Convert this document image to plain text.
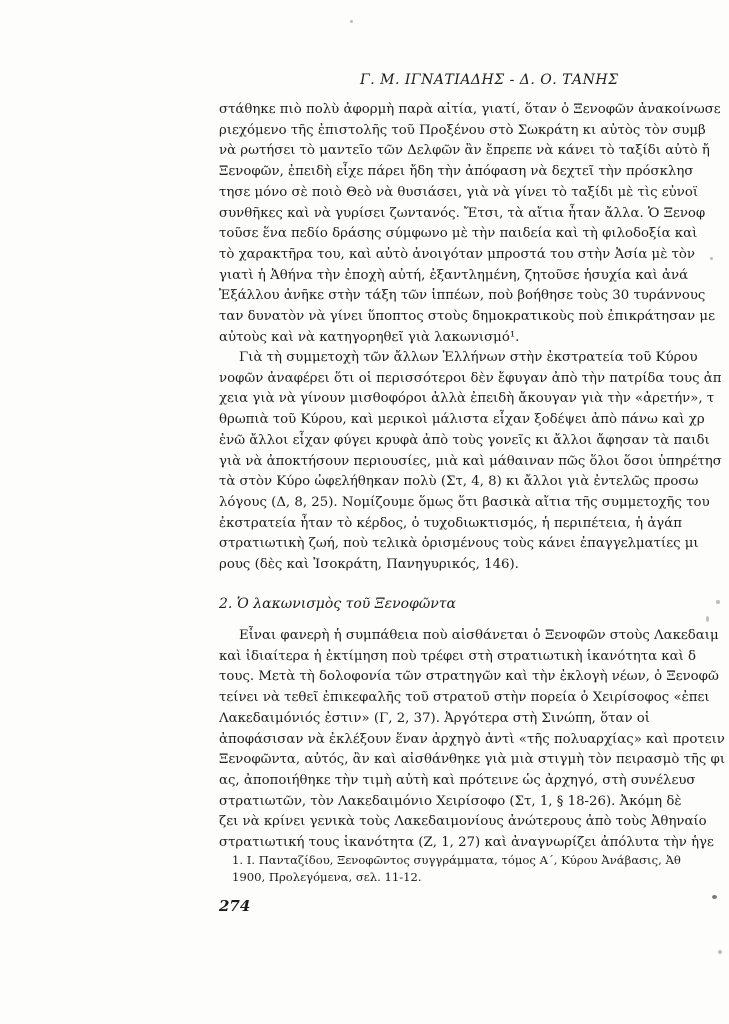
Γ. Μ. ΙΓΝΑΤΙΑΔΗΣ - Δ. Ο. ΤΑΝΗΣ
στάθηκε πιὸ πολὺ ἀφορμὴ παρὰ αἰτία, γιατί, ὅταν ὁ Ξενοφῶν ἀνακοίνωσε
ριεχόμενο τῆς ἐπιστολῆς τοῦ Προξένου στὸ Σωκράτη κι αὐτὸς τὸν συμβ
νὰ ρωτήσει τὸ μαντεῖο τῶν Δελφῶν ἂν ἔπρεπε νὰ κάνει τὸ ταξίδι αὐτὸ ἤ
Ξενοφῶν, ἐπειδὴ εἶχε πάρει ἤδη τὴν ἀπόφαση νὰ δεχτεῖ τὴν πρόσκλησ
τησε μόνο σὲ ποιὸ Θεὸ νὰ θυσιάσει, γιὰ νὰ γίνει τὸ ταξίδι μὲ τὶς εὐνοϊ
συνθῆκες καὶ νὰ γυρίσει ζωντανός. Ἔτσι, τὰ αἴτια ἦταν ἄλλα. Ὁ Ξενοφ
τοῦσε ἕνα πεδίο δράσης σύμφωνο μὲ τὴν παιδεία καὶ τὴ φιλοδοξία καὶ
τὸ χαρακτῆρα του, καὶ αὐτὸ ἀνοιγόταν μπροστά του στὴν Ἀσία μὲ τὸν
γιατὶ ἡ Ἀθήνα τὴν ἐποχὴ αὐτή, ἐξαντλημένη, ζητοῦσε ἡσυχία καὶ ἀνά
Ἐξάλλου ἀνῆκε στὴν τάξη τῶν ἱππέων, ποὺ βοήθησε τοὺς 30 τυράννους
ταν δυνατὸν νὰ γίνει ὕποπτος στοὺς δημοκρατικοὺς ποὺ ἐπικράτησαν με
αὐτοὺς καὶ νὰ κατηγορηθεῖ γιὰ λακωνισμό¹.
Γιὰ τὴ συμμετοχὴ τῶν ἄλλων Ἑλλήνων στὴν ἐκστρατεία τοῦ Κύρου
νοφῶν ἀναφέρει ὅτι οἱ περισσότεροι δὲν ἔφυγαν ἀπὸ τὴν πατρίδα τους ἀπ
χεια γιὰ νὰ γίνουν μισθοφόροι ἀλλὰ ἐπειδὴ ἄκουγαν γιὰ τὴν «ἀρετήν», τ
θρωπιὰ τοῦ Κύρου, καὶ μερικοὶ μάλιστα εἶχαν ξοδέψει ἀπὸ πάνω καὶ χρ
ἐνῶ ἄλλοι εἶχαν φύγει κρυφὰ ἀπὸ τοὺς γονεῖς κι ἄλλοι ἄφησαν τὰ παιδι
γιὰ νὰ ἀποκτήσουν περιουσίες, μιὰ καὶ μάθαιναν πῶς ὅλοι ὅσοι ὑπηρέτησ
τὰ στὸν Κύρο ὠφελήθηκαν πολὺ (Στ, 4, 8) κι ἄλλοι γιὰ ἐντελῶς προσω
λόγους (Δ, 8, 25). Νομίζουμε ὅμως ὅτι βασικὰ αἴτια τῆς συμμετοχῆς του
ἐκστρατεία ἦταν τὸ κέρδος, ὁ τυχοδιωκτισμός, ἡ περιπέτεια, ἡ ἀγάπ
στρατιωτικὴ ζωή, ποὺ τελικὰ ὁρισμένους τοὺς κάνει ἐπαγγελματίες μι
ρους (δὲς καὶ Ἰσοκράτη, Πανηγυρικός, 146).
2. Ὁ λακωνισμὸς τοῦ Ξενοφῶντα
Εἶναι φανερὴ ἡ συμπάθεια ποὺ αἰσθάνεται ὁ Ξενοφῶν στοὺς Λακεδαιμ
καὶ ἰδιαίτερα ἡ ἐκτίμηση ποὺ τρέφει στὴ στρατιωτικὴ ἱκανότητα καὶ δ
τους. Μετὰ τὴ δολοφονία τῶν στρατηγῶν καὶ τὴν ἐκλογὴ νέων, ὁ Ξενοφῶ
τείνει νὰ τεθεῖ ἐπικεφαλῆς τοῦ στρατοῦ στὴν πορεία ὁ Χειρίσοφος «ἐπει
Λακεδαιμόνιός ἐστιν» (Γ, 2, 37). Ἀργότερα στὴ Σινώπη, ὅταν οἱ
ἀποφάσισαν νὰ ἐκλέξουν ἕναν ἀρχηγὸ ἀντὶ «τῆς πολυαρχίας» καὶ προτειν
Ξενοφῶντα, αὐτός, ἂν καὶ αἰσθάνθηκε γιὰ μιὰ στιγμὴ τὸν πειρασμὸ τῆς φι
ας, ἀποποιήθηκε τὴν τιμὴ αὐτὴ καὶ πρότεινε ὡς ἀρχηγό, στὴ συνέλευσ
στρατιωτῶν, τὸν Λακεδαιμόνιο Χειρίσοφο (Στ, 1, § 18-26). Ἀκόμη δὲ
ζει νὰ κρίνει γενικὰ τοὺς Λακεδαιμονίους ἀνώτερους ἀπὸ τοὺς Ἀθηναίο
στρατιωτική τους ἱκανότητα (Ζ, 1, 27) καὶ ἀναγνωρίζει ἀπόλυτα τὴν ἡγε
1. Ι. Πανταζίδου, Ξενοφῶντος συγγράμματα, τόμος Α΄, Κύρου Ἀνάβασις, Ἀθ
1900, Προλεγόμενα, σελ. 11-12.
274
